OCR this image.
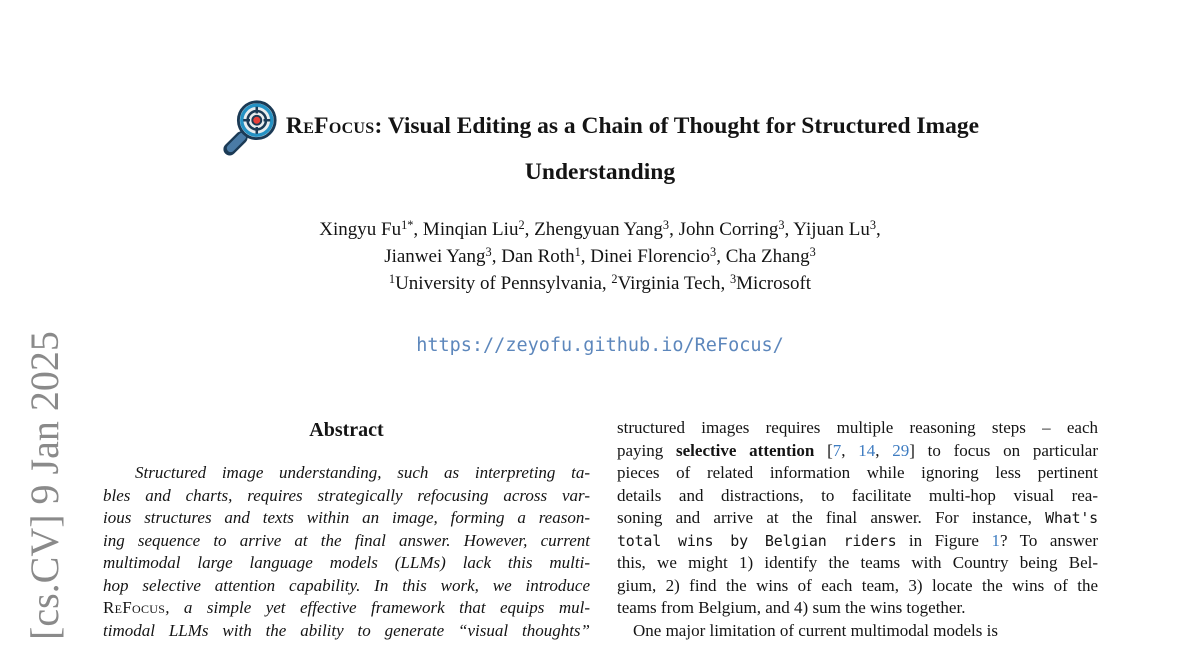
[cs.CV] 9 Jan 2025
ReFocus: Visual Editing as a Chain of Thought for Structured Image
Understanding
Xingyu $Fu^{1*}$, Minqian Liu$^2$, Zhengyuan Yang$^3$, John Corring$^3$, Yijuan Lu$^3$,
Jianwei Yang$^3$, Dan Roth$^1$, Dinei Florencio$^3$, Cha Zhang$^3$
$^1$University of Pennsylvania, $^2$Virginia Tech, $^3$Microsoft
https://zeyofu.github.io/ReFocus/
Abstract
Structured image understanding, such as interpreting ta-
bles and charts, requires strategically refocusing across var-
ious structures and texts within an image, forming a reason-
ing sequence to arrive at the final answer. However, current
multimodal large language models (LLMs) lack this multi-
hop selective attention capability. In this work, we introduce
ReFocus, a simple yet effective framework that equips mul-
timodal LLMs with the ability to generate “visual thoughts”
structured images requires multiple reasoning steps – each
paying selective attention [7, 14, 29] to focus on particular
pieces of related information while ignoring less pertinent
details and distractions, to facilitate multi-hop visual rea-
soning and arrive at the final answer. For instance, What's
total wins by Belgian riders in Figure 1? To answer
this, we might 1) identify the teams with Country being Bel-
gium, 2) find the wins of each team, 3) locate the wins of the
teams from Belgium, and 4) sum the wins together.
One major limitation of current multimodal models is
